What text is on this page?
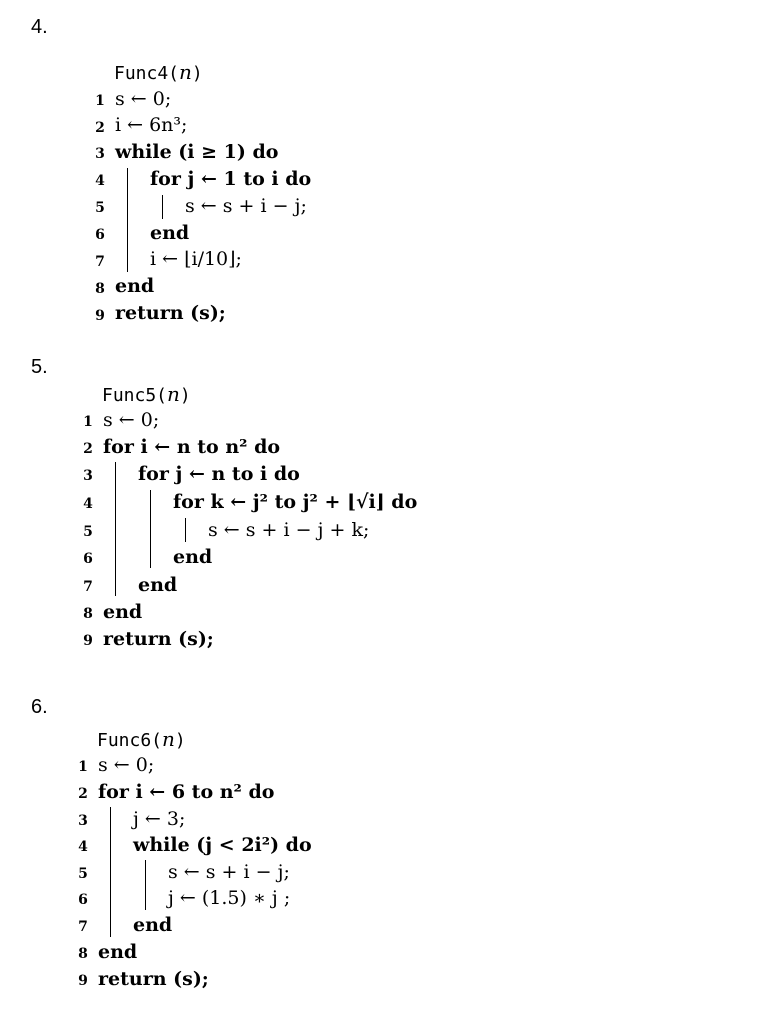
4.
Func4(n)
1
2
3
4
5
6
7
8
9
s ← 0;
i ← 6n³;
while (i ≥ 1) do
for j ← 1 to i do
s ← s + i − j;
end
i ← ⌊i/10⌋;
end
return (s);
5.
Func5(n)
1
2
3
4
5
6
7
8
9
s ← 0;
for i ← n to n² do
for j ← n to i do
for k ← j² to j² + ⌊√i⌋ do
s ← s + i − j + k;
end
end
end
return (s);
6.
Func6(n)
1
2
3
4
5
6
7
8
9
s ← 0;
for i ← 6 to n² do
j ← 3;
while (j < 2i²) do
s ← s + i − j;
j ← (1.5) ∗ j ;
end
end
return (s);
